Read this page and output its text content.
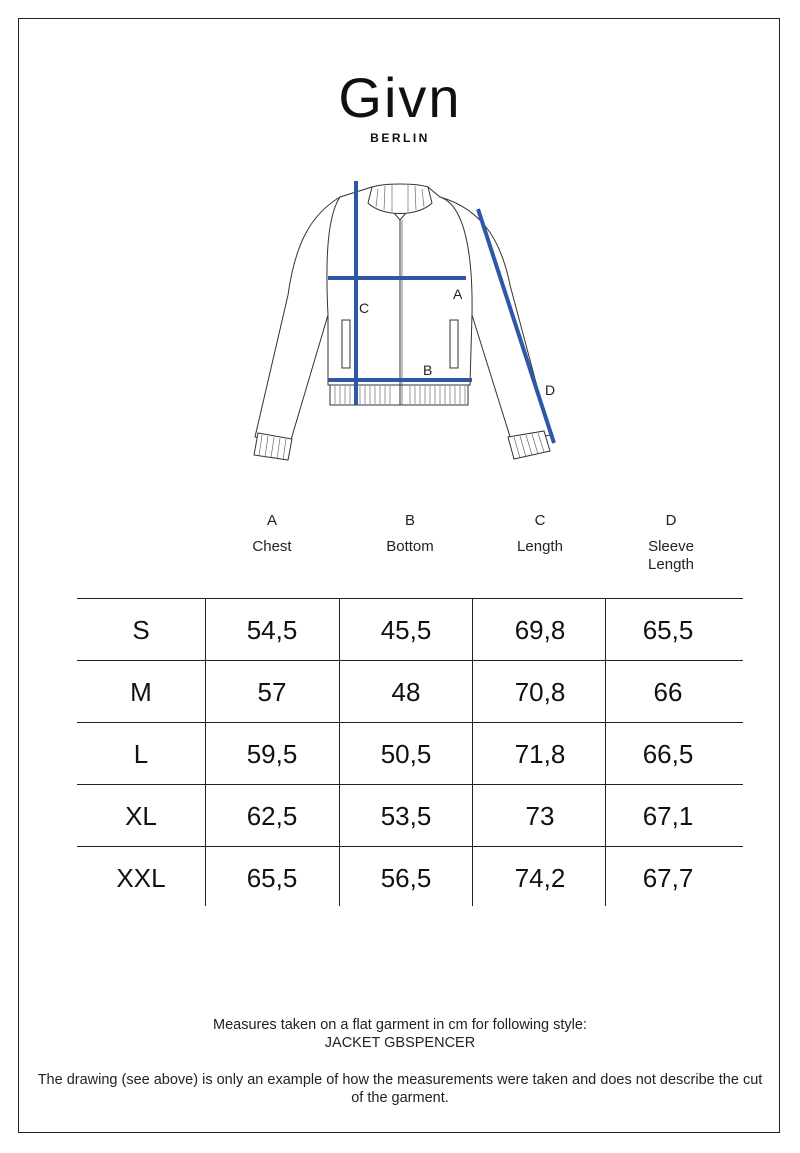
Givn
BERLIN
A
B
C
D
A
Chest
B
Bottom
C
Length
D
Sleeve Length
S	54,5	45,5	69,8	65,5
M	57	48	70,8	66
L	59,5	50,5	71,8	66,5
XL	62,5	53,5	73	67,1
XXL	65,5	56,5	74,2	67,7
Measures taken on a flat garment in cm for following style:
JACKET GBSPENCER
The drawing (see above) is only an example of how the measurements were taken and does not describe the cut of the garment.
